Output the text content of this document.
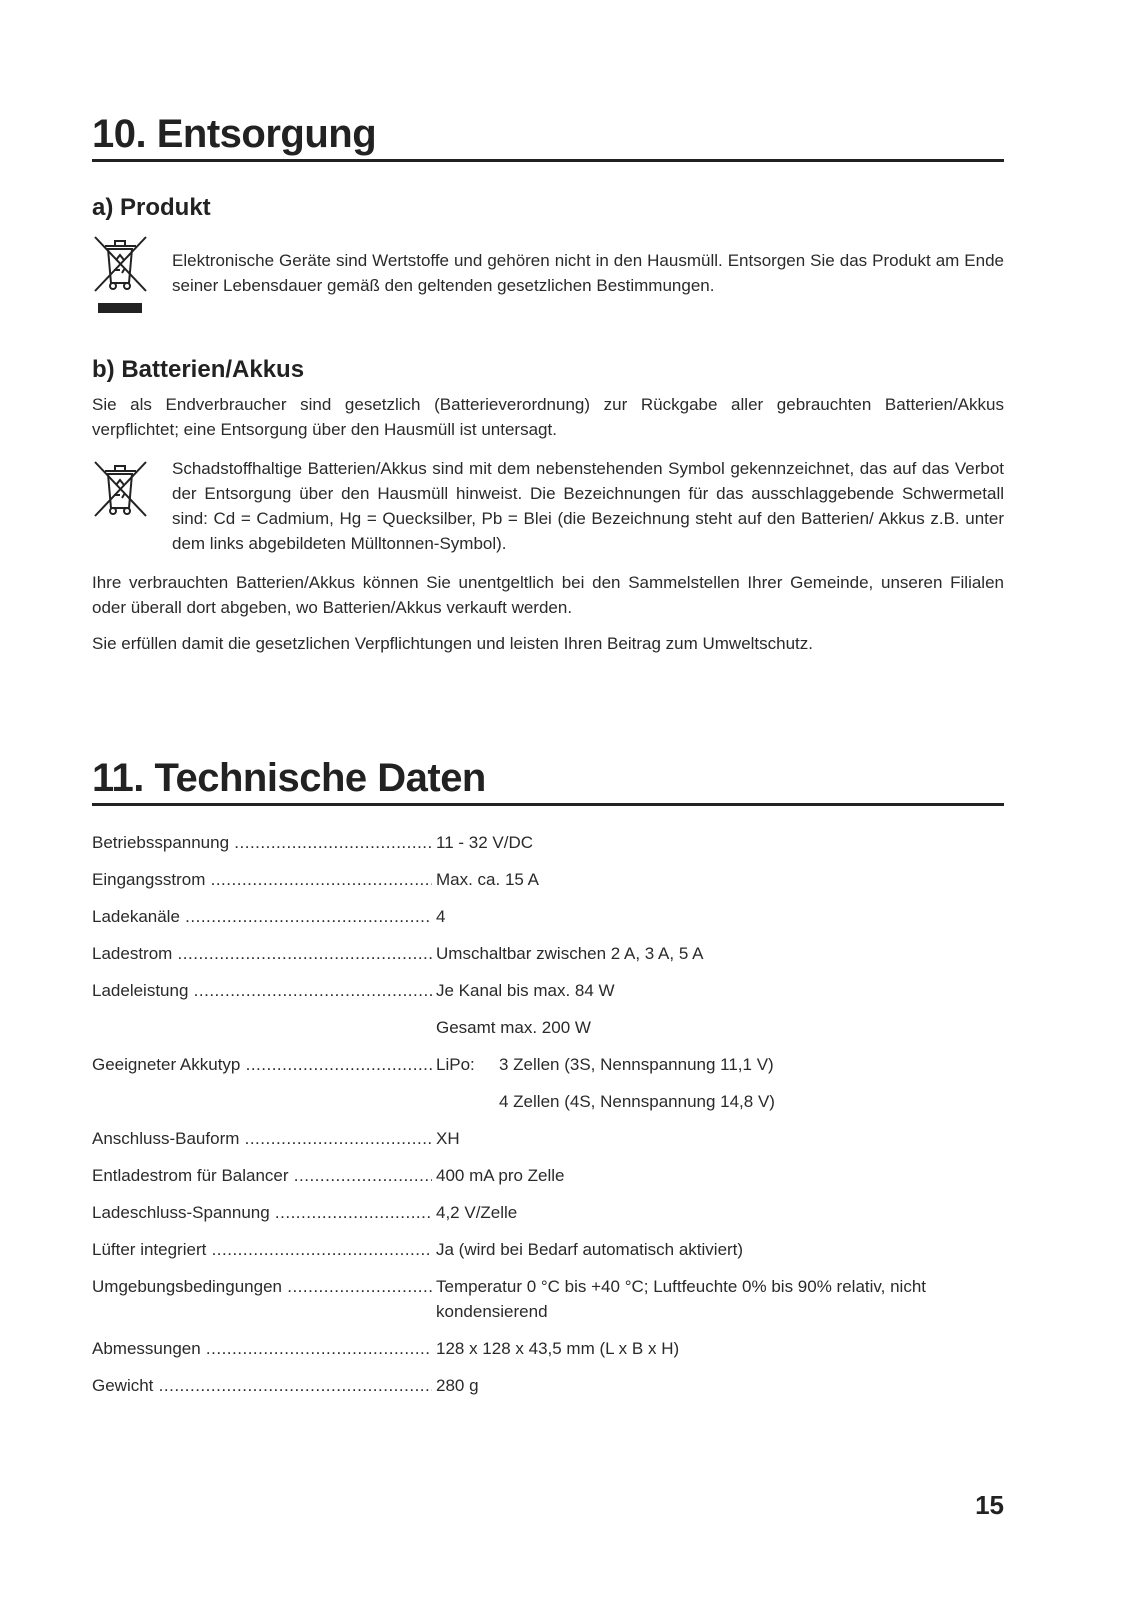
10. Entsorgung
a) Produkt

Elektronische Geräte sind Wertstoffe und gehören nicht in den Hausmüll. Entsorgen Sie das Produkt am Ende seiner Lebensdauer gemäß den geltenden gesetzlichen Bestimmungen.

b) Batterien/Akkus

Sie als Endverbraucher sind gesetzlich (Batterieverordnung) zur Rückgabe aller gebrauchten Batterien/Akkus verpflichtet; eine Entsorgung über den Hausmüll ist untersagt.

Schadstoffhaltige Batterien/Akkus sind mit dem nebenstehenden Symbol gekennzeichnet, das auf das Verbot der Entsorgung über den Hausmüll hinweist. Die Bezeichnungen für das ausschlaggebende Schwermetall sind: Cd = Cadmium, Hg = Quecksilber, Pb = Blei (die Bezeichnung steht auf den Batterien/ Akkus z.B. unter dem links abgebildeten Mülltonnen-Symbol).

Ihre verbrauchten Batterien/Akkus können Sie unentgeltlich bei den Sammelstellen Ihrer Gemeinde, unseren Filialen oder überall dort abgeben, wo Batterien/Akkus verkauft werden.

Sie erfüllen damit die gesetzlichen Verpflichtungen und leisten Ihren Beitrag zum Umweltschutz.

11. Technische Daten
Betriebsspannung .....	11 - 32 V/DC
Eingangsstrom .....	Max. ca. 15 A
Ladekanäle .....	4
Ladestrom .....	Umschaltbar zwischen 2 A, 3 A, 5 A
Ladeleistung .....	Je Kanal bis max. 84 W
Gesamt max. 200 W
Geeigneter Akkutyp .....	LiPo: 3 Zellen (3S, Nennspannung 11,1 V)
4 Zellen (4S, Nennspannung 14,8 V)
Anschluss-Bauform .....	XH
Entladestrom für Balancer .....	400 mA pro Zelle
Ladeschluss-Spannung .....	4,2 V/Zelle
Lüfter integriert .....	Ja (wird bei Bedarf automatisch aktiviert)
Umgebungsbedingungen .....	Temperatur 0 °C bis +40 °C; Luftfeuchte 0% bis 90% relativ, nicht kondensierend
Abmessungen .....	128 x 128 x 43,5 mm (L x B x H)
Gewicht .....	280 g
15
